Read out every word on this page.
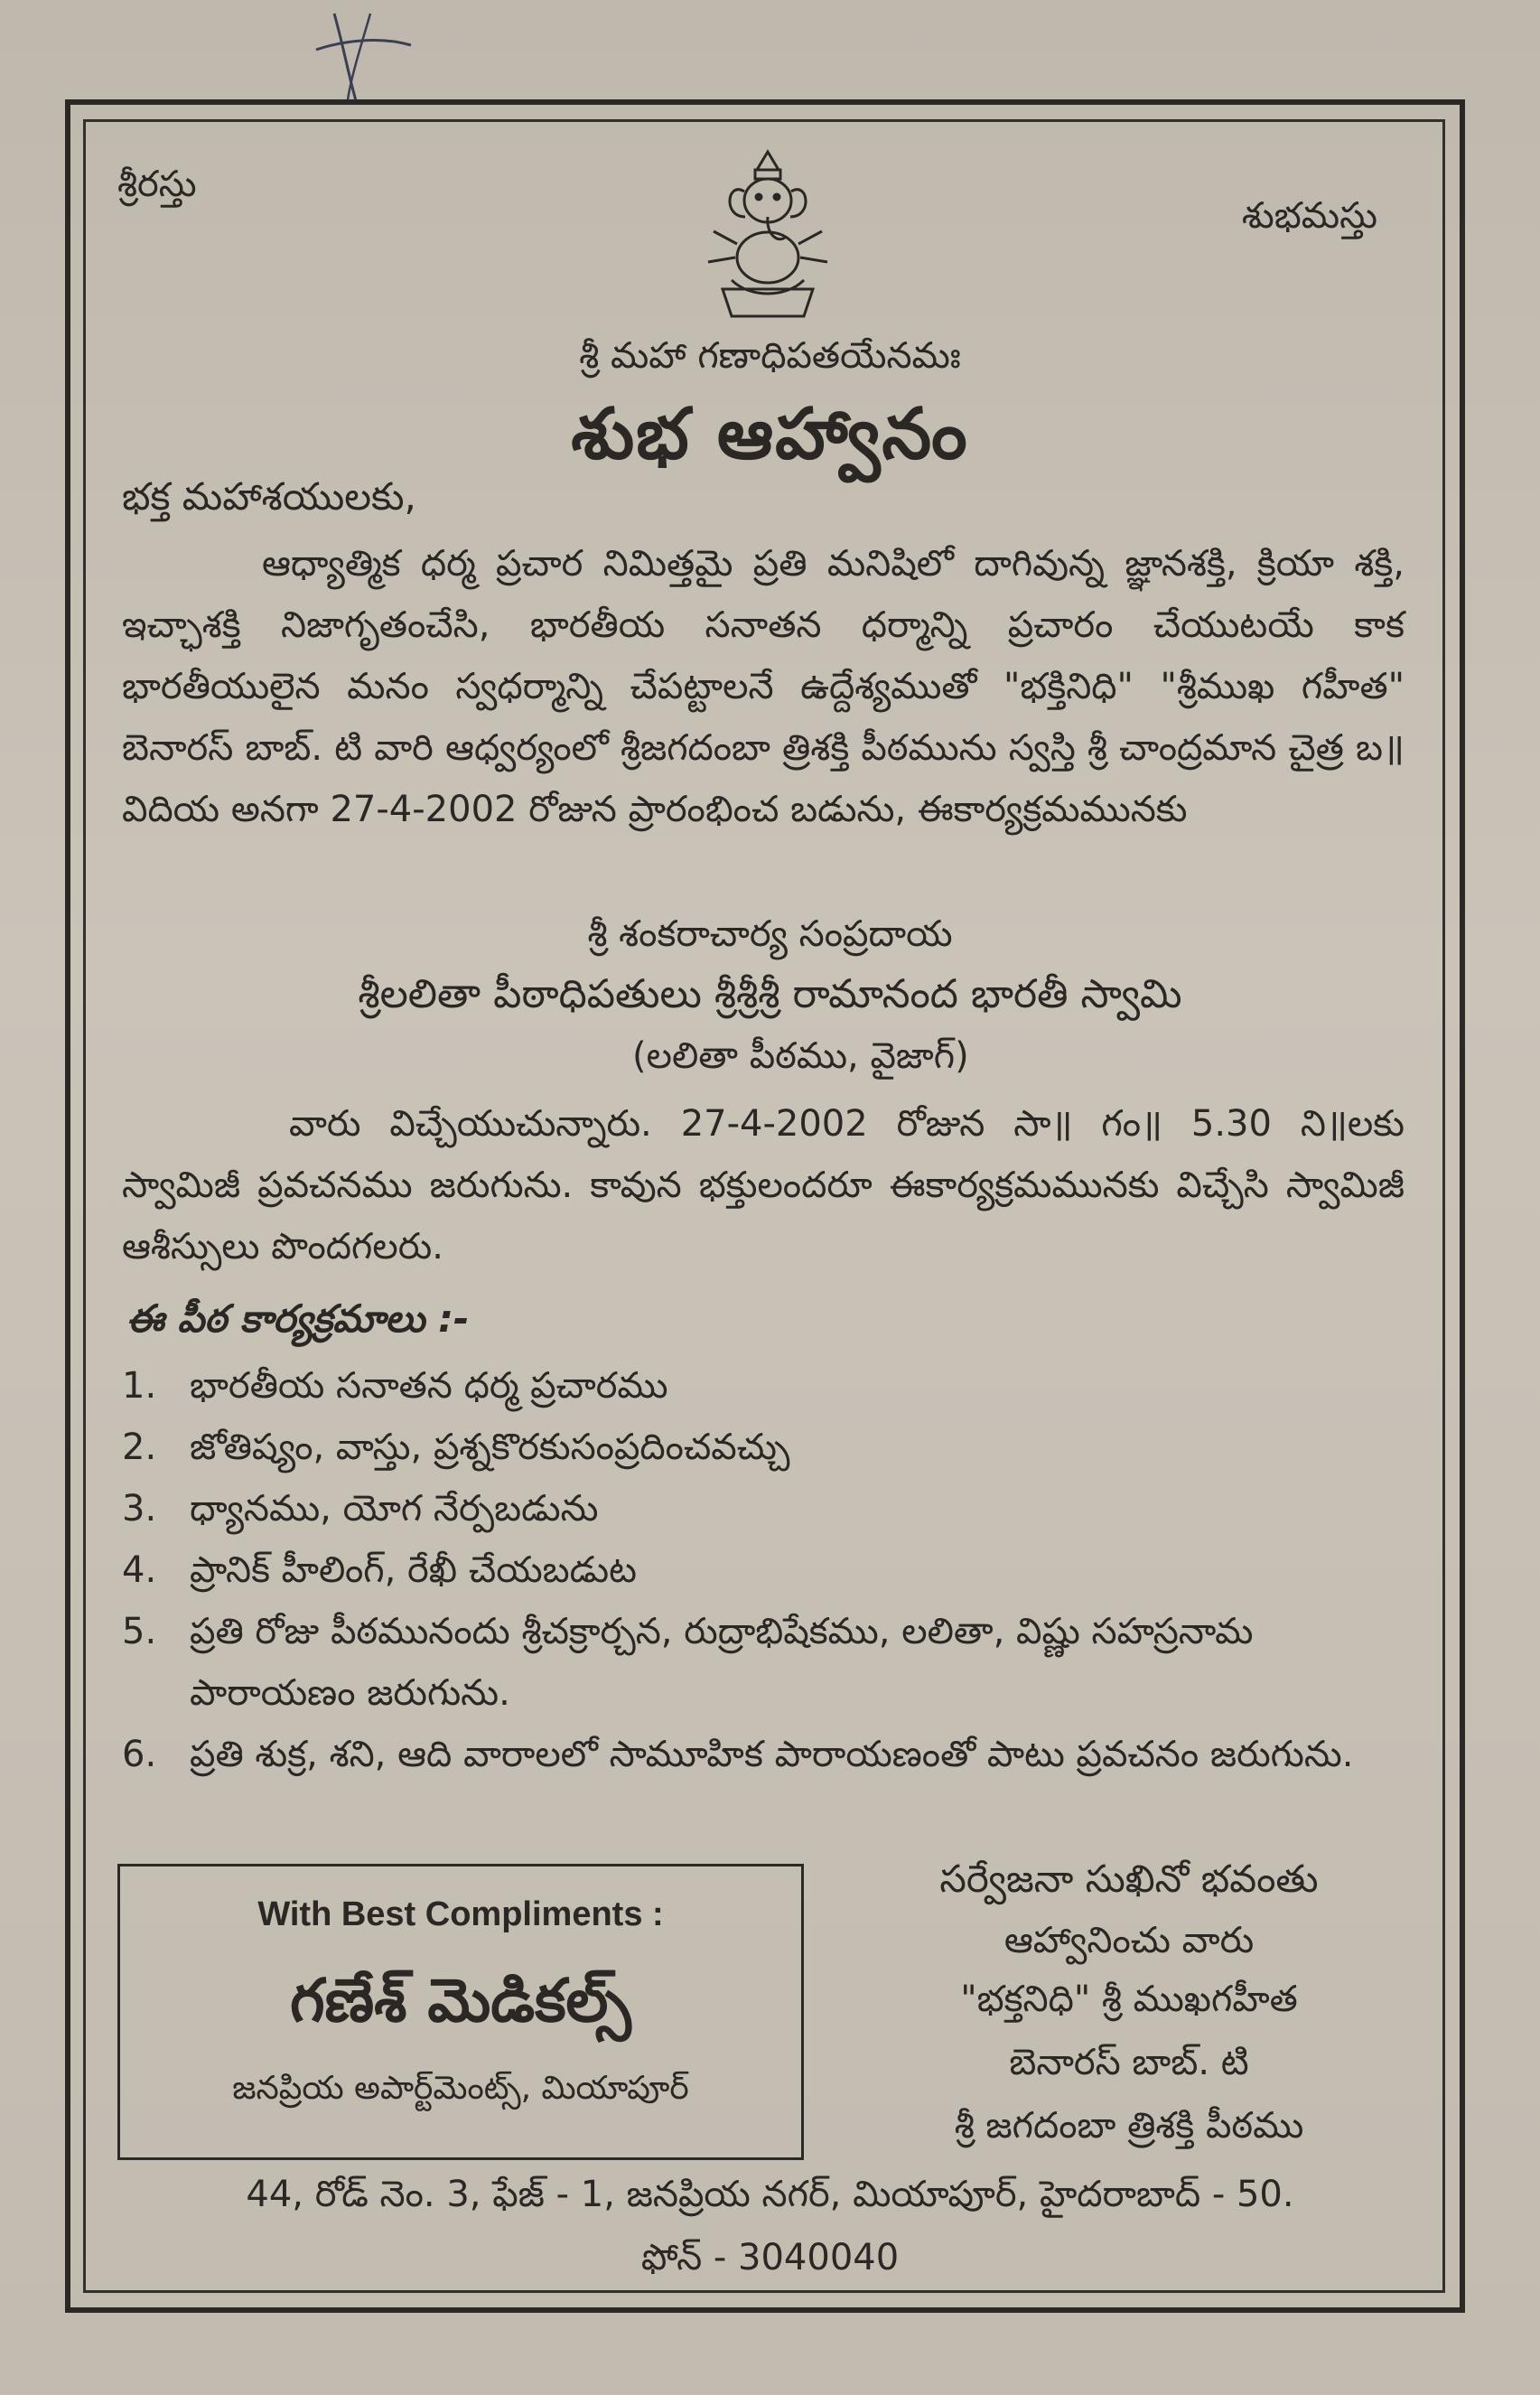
శ్రీరస్తు
శుభమస్తు
శ్రీ మహా గణాధిపతయేనమః
శుభ ఆహ్వానం
భక్త మహాశయులకు,
ఆధ్యాత్మిక ధర్మ ప్రచార నిమిత్తమై ప్రతి మనిషిలో దాగివున్న జ్ఞానశక్తి, క్రియా శక్తి, ఇచ్ఛాశక్తి నిజాగృతంచేసి, భారతీయ సనాతన ధర్మాన్ని ప్రచారం చేయుటయే కాక భారతీయులైన మనం స్వధర్మాన్ని చేపట్టాలనే ఉద్దేశ్యముతో "భక్తినిధి" "శ్రీముఖ గహీత" బెనారస్ బాబ్. టి వారి ఆధ్వర్యంలో శ్రీజగదంబా త్రిశక్తి పీఠమును స్వస్తి శ్రీ చాంద్రమాన చైత్ర బ॥ విదియ అనగా 27-4-2002 రోజున ప్రారంభించ బడును, ఈకార్యక్రమమునకు
శ్రీ శంకరాచార్య సంప్రదాయ
శ్రీలలితా పీఠాధిపతులు శ్రీశ్రీశ్రీ రామానంద భారతీ స్వామి
(లలితా పీఠము, వైజాగ్)
వారు విచ్చేయుచున్నారు. 27-4-2002 రోజున సా॥ గం॥ 5.30 ని॥లకు స్వామిజీ ప్రవచనము జరుగును. కావున భక్తులందరూ ఈకార్యక్రమమునకు విచ్చేసి స్వామిజీ ఆశీస్సులు పొందగలరు.
ఈ పీఠ కార్యక్రమాలు :-
1. భారతీయ సనాతన ధర్మ ప్రచారము
2. జోతిష్యం, వాస్తు, ప్రశ్నకొరకుసంప్రదించవచ్చు
3. ధ్యానము, యోగ నేర్పబడును
4. ప్రానిక్ హీలింగ్, రేఖీ చేయబడుట
5. ప్రతి రోజు పీఠమునందు శ్రీచక్రార్చన, రుద్రాభిషేకము, లలితా, విష్ణు సహస్రనామ పారాయణం జరుగును.
6. ప్రతి శుక్ర, శని, ఆది వారాలలో సామూహిక పారాయణంతో పాటు ప్రవచనం జరుగును.
With Best Compliments :
గణేశ్ మెడికల్స్
జనప్రియ అపార్ట్‌మెంట్స్, మియాపూర్
సర్వేజనా సుఖినో భవంతు
ఆహ్వానించు వారు
"భక్తనిధి" శ్రీ ముఖగహీత
బెనారస్ బాబ్. టి
శ్రీ జగదంబా త్రిశక్తి పీఠము
44, రోడ్ నెం. 3, ఫేజ్ - 1, జనప్రియ నగర్, మియాపూర్, హైదరాబాద్ - 50.
ఫోన్ - 3040040
